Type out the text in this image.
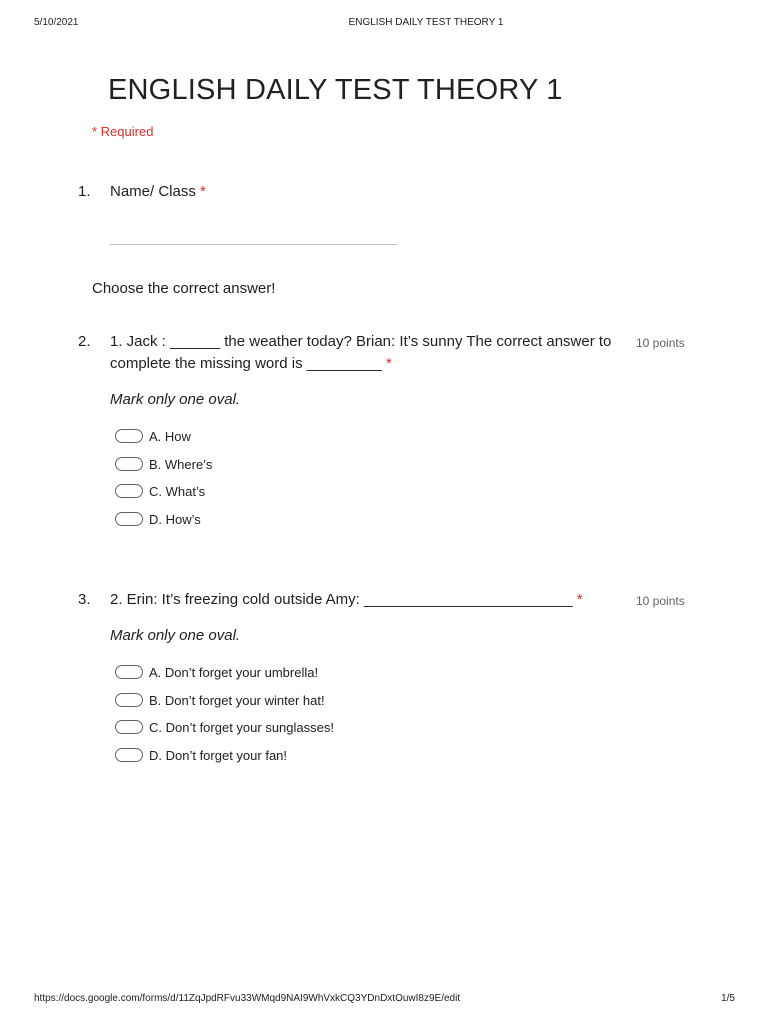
5/10/2021	ENGLISH DAILY TEST THEORY 1
ENGLISH DAILY TEST THEORY 1
* Required
1. Name/ Class *
Choose the correct answer!
2. 1. Jack : ______ the weather today? Brian: It’s sunny The correct answer to complete the missing word is _________ *
10 points
Mark only one oval.
A. How
B. Where’s
C. What’s
D. How’s
3. 2. Erin: It’s freezing cold outside Amy: _________________________ *	10 points
Mark only one oval.
A. Don’t forget your umbrella!
B. Don’t forget your winter hat!
C. Don’t forget your sunglasses!
D. Don’t forget your fan!
https://docs.google.com/forms/d/11ZqJpdRFvu33WMqd9NAI9WhVxkCQ3YDnDxtOuwI8z9E/edit	1/5
